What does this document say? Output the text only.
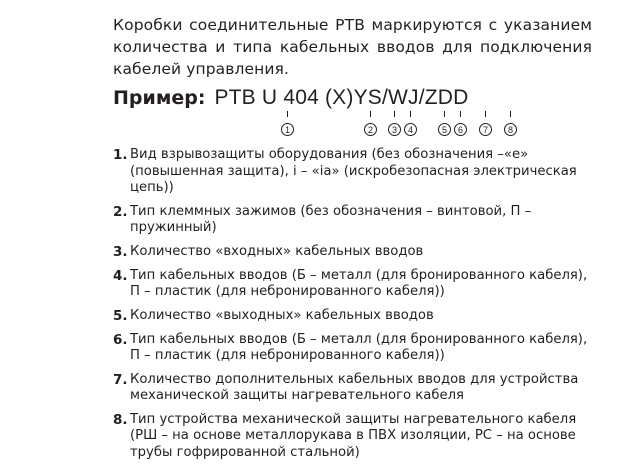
Коробки соединительные PTB маркируются с указанием количества и типа кабельных вводов для подключения кабелей управления.

Пример: PTB U 404 (X)YS/WJ/ZDD
1	2	3	4	5	6	7	8
1. Вид взрывозащиты оборудования (без обозначения –«е» (повышенная защита), i – «ia» (искробезопасная электрическая цепь))
2. Тип клеммных зажимов (без обозначения – винтовой, П – пружинный)
3. Количество «входных» кабельных вводов
4. Тип кабельных вводов (Б – металл (для бронированного кабеля), П – пластик (для небронированного кабеля))
5. Количество «выходных» кабельных вводов
6. Тип кабельных вводов (Б – металл (для бронированного кабеля), П – пластик (для небронированного кабеля))
7. Количество дополнительных кабельных вводов для устройства механической защиты нагревательного кабеля
8. Тип устройства механической защиты нагревательного кабеля (РШ – на основе металлорукава в ПВХ изоляции, РС – на основе трубы гофрированной стальной)
